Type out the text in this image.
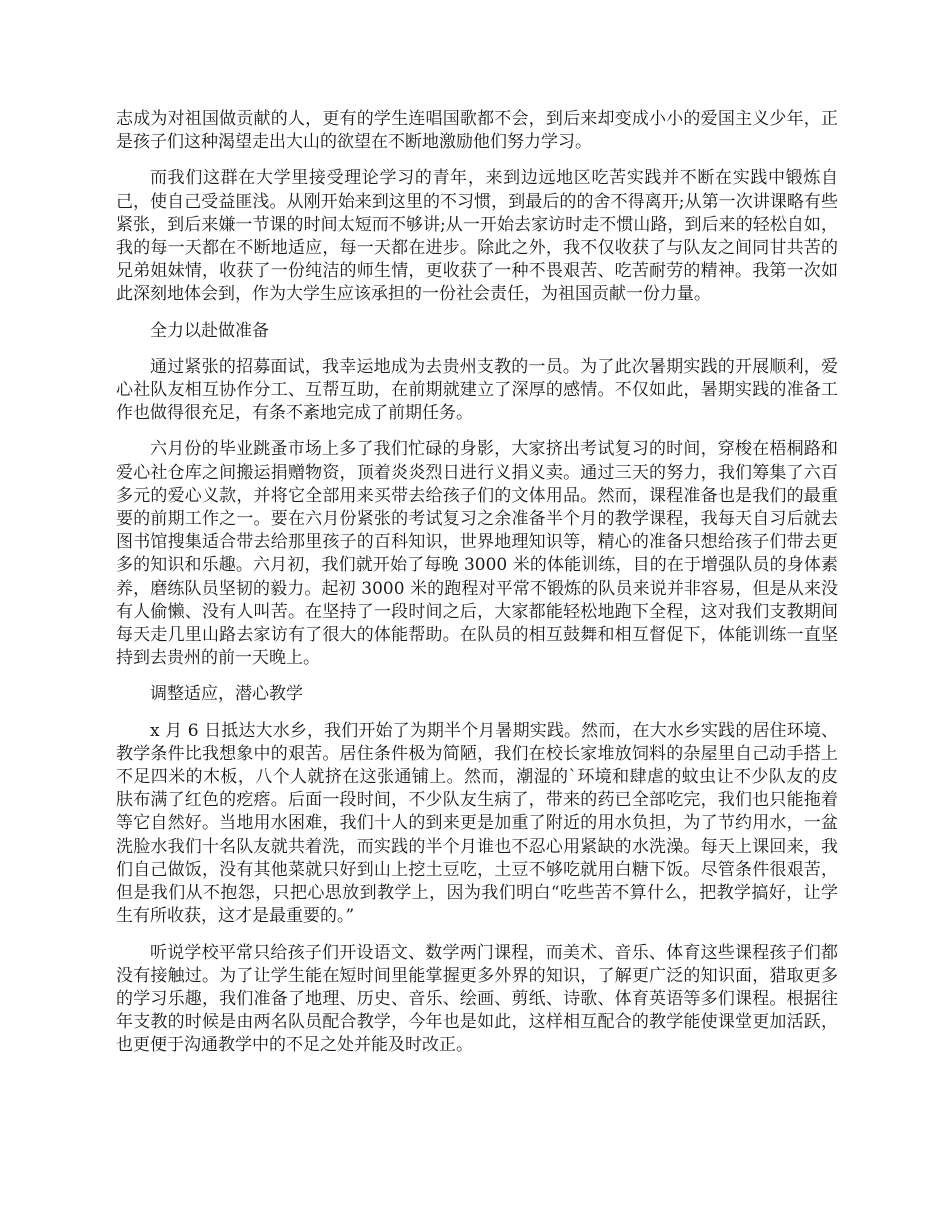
志成为对祖国做贡献的人，更有的学生连唱国歌都不会，到后来却变成小小的爱国主义少年，正是孩子们这种渴望走出大山的欲望在不断地激励他们努力学习。

而我们这群在大学里接受理论学习的青年，来到边远地区吃苦实践并不断在实践中锻炼自己，使自己受益匪浅。从刚开始来到这里的不习惯，到最后的的舍不得离开;从第一次讲课略有些紧张，到后来嫌一节课的时间太短而不够讲;从一开始去家访时走不惯山路，到后来的轻松自如，我的每一天都在不断地适应，每一天都在进步。除此之外，我不仅收获了与队友之间同甘共苦的兄弟姐妹情，收获了一份纯洁的师生情，更收获了一种不畏艰苦、吃苦耐劳的精神。我第一次如此深刻地体会到，作为大学生应该承担的一份社会责任，为祖国贡献一份力量。

全力以赴做准备

通过紧张的招募面试，我幸运地成为去贵州支教的一员。为了此次暑期实践的开展顺利，爱心社队友相互协作分工、互帮互助，在前期就建立了深厚的感情。不仅如此，暑期实践的准备工作也做得很充足，有条不紊地完成了前期任务。

六月份的毕业跳蚤市场上多了我们忙碌的身影，大家挤出考试复习的时间，穿梭在梧桐路和爱心社仓库之间搬运捐赠物资，顶着炎炎烈日进行义捐义卖。通过三天的努力，我们筹集了六百多元的爱心义款，并将它全部用来买带去给孩子们的文体用品。然而，课程准备也是我们的最重要的前期工作之一。要在六月份紧张的考试复习之余准备半个月的教学课程，我每天自习后就去图书馆搜集适合带去给那里孩子的百科知识，世界地理知识等，精心的准备只想给孩子们带去更多的知识和乐趣。六月初，我们就开始了每晚 3000 米的体能训练，目的在于增强队员的身体素养，磨练队员坚韧的毅力。起初 3000 米的跑程对平常不锻炼的队员来说并非容易，但是从来没有人偷懒、没有人叫苦。在坚持了一段时间之后，大家都能轻松地跑下全程，这对我们支教期间每天走几里山路去家访有了很大的体能帮助。在队员的相互鼓舞和相互督促下，体能训练一直坚持到去贵州的前一天晚上。

调整适应，潜心教学

x 月 6 日抵达大水乡，我们开始了为期半个月暑期实践。然而，在大水乡实践的居住环境、教学条件比我想象中的艰苦。居住条件极为简陋，我们在校长家堆放饲料的杂屋里自己动手搭上不足四米的木板，八个人就挤在这张通铺上。然而，潮湿的`环境和肆虐的蚊虫让不少队友的皮肤布满了红色的疙瘩。后面一段时间，不少队友生病了，带来的药已全部吃完，我们也只能拖着等它自然好。当地用水困难，我们十人的到来更是加重了附近的用水负担，为了节约用水，一盆洗脸水我们十名队友就共着洗，而实践的半个月谁也不忍心用紧缺的水洗澡。每天上课回来，我们自己做饭，没有其他菜就只好到山上挖土豆吃，土豆不够吃就用白糖下饭。尽管条件很艰苦，但是我们从不抱怨，只把心思放到教学上，因为我们明白“吃些苦不算什么，把教学搞好，让学生有所收获，这才是最重要的。”

听说学校平常只给孩子们开设语文、数学两门课程，而美术、音乐、体育这些课程孩子们都没有接触过。为了让学生能在短时间里能掌握更多外界的知识，了解更广泛的知识面，猎取更多的学习乐趣，我们准备了地理、历史、音乐、绘画、剪纸、诗歌、体育英语等多们课程。根据往年支教的时候是由两名队员配合教学，今年也是如此，这样相互配合的教学能使课堂更加活跃，也更便于沟通教学中的不足之处并能及时改正。
